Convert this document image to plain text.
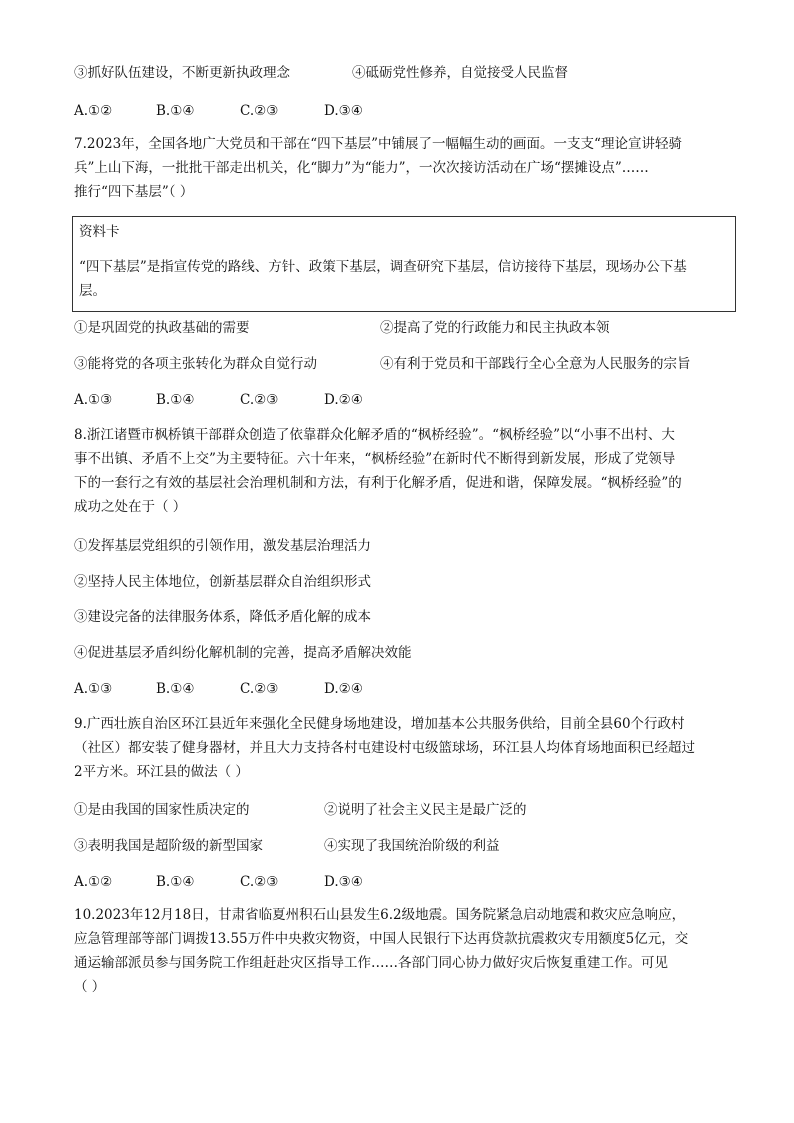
③抓好队伍建设，不断更新执政理念	④砥砺党性修养，自觉接受人民监督
A.①②	B.①④	C.②③	D.③④
7.2023年，全国各地广大党员和干部在“四下基层”中铺展了一幅幅生动的画面。一支支“理论宣讲轻骑
兵”上山下海，一批批干部走出机关，化“脚力”为“能力”，一次次接访活动在广场“摆摊设点”……
推行“四下基层”（ ）
资料卡
“四下基层”是指宣传党的路线、方针、政策下基层，调查研究下基层，信访接待下基层，现场办公下基
层。
①是巩固党的执政基础的需要	②提高了党的行政能力和民主执政本领
③能将党的各项主张转化为群众自觉行动	④有利于党员和干部践行全心全意为人民服务的宗旨
A.①③	B.①④	C.②③	D.②④
8.浙江诸暨市枫桥镇干部群众创造了依靠群众化解矛盾的“枫桥经验”。“枫桥经验”以“小事不出村、大
事不出镇、矛盾不上交”为主要特征。六十年来，“枫桥经验”在新时代不断得到新发展，形成了党领导
下的一套行之有效的基层社会治理机制和方法，有利于化解矛盾，促进和谐，保障发展。“枫桥经验”的
成功之处在于（ ）
①发挥基层党组织的引领作用，激发基层治理活力
②坚持人民主体地位，创新基层群众自治组织形式
③建设完备的法律服务体系，降低矛盾化解的成本
④促进基层矛盾纠纷化解机制的完善，提高矛盾解决效能
A.①③	B.①④	C.②③	D.②④
9.广西壮族自治区环江县近年来强化全民健身场地建设，增加基本公共服务供给，目前全县60个行政村
（社区）都安装了健身器材，并且大力支持各村屯建设村屯级篮球场，环江县人均体育场地面积已经超过
2平方米。环江县的做法（ ）
①是由我国的国家性质决定的	②说明了社会主义民主是最广泛的
③表明我国是超阶级的新型国家	④实现了我国统治阶级的利益
A.①②	B.①④	C.②③	D.③④
10.2023年12月18日，甘肃省临夏州积石山县发生6.2级地震。国务院紧急启动地震和救灾应急响应，
应急管理部等部门调拨13.55万件中央救灾物资，中国人民银行下达再贷款抗震救灾专用额度5亿元，交
通运输部派员参与国务院工作组赶赴灾区指导工作……各部门同心协力做好灾后恢复重建工作。可见
（ ）
